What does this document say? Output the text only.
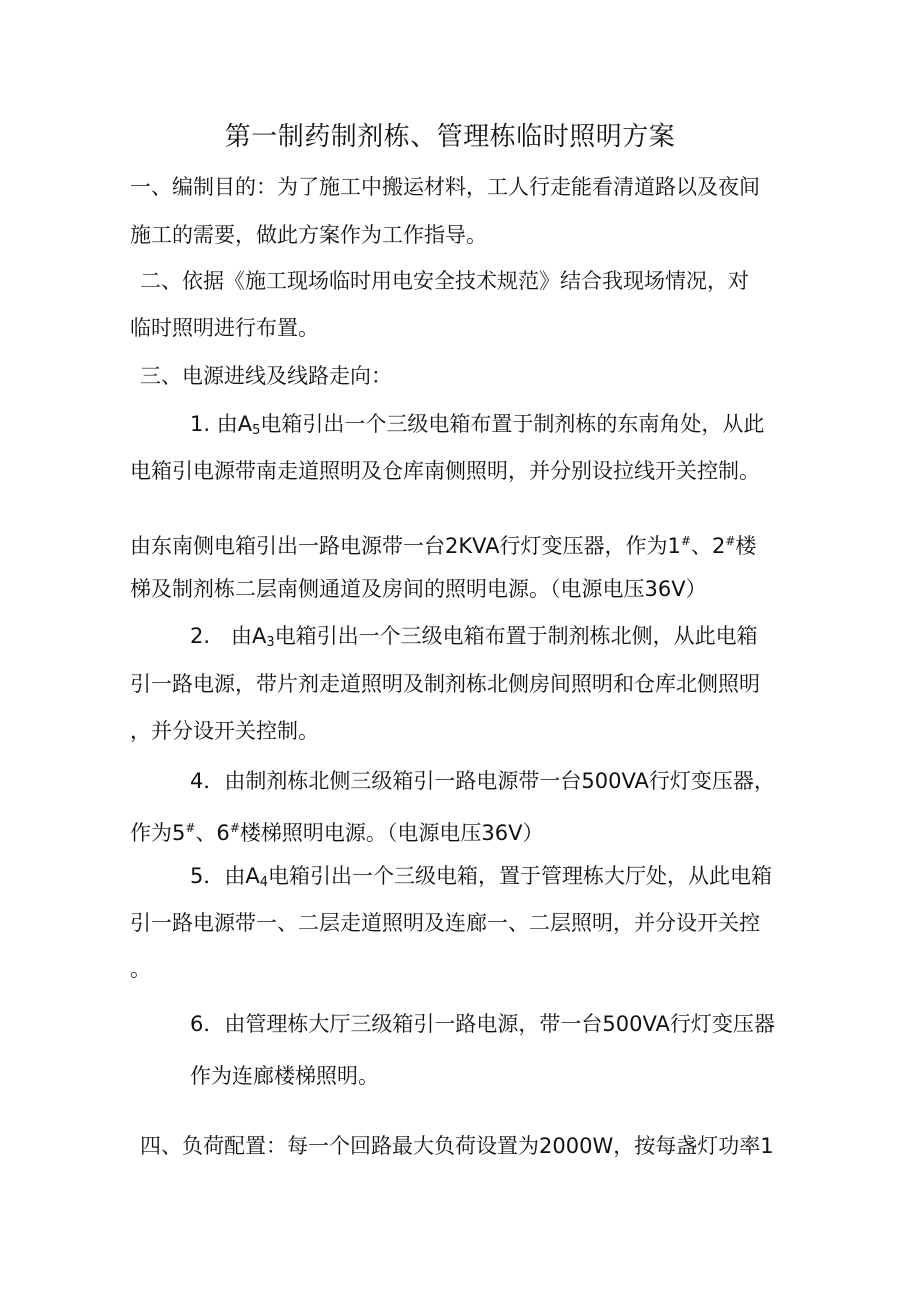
第一制药制剂栋、管理栋临时照明方案
一、编制目的：为了施工中搬运材料，工人行走能看清道路以及夜间
施工的需要，做此方案作为工作指导。
二、依据《施工现场临时用电安全技术规范》结合我现场情况，对
临时照明进行布置。
三、电源进线及线路走向：
1. 由$A_5$电箱引出一个三级电箱布置于制剂栋的东南角处，从此
电箱引电源带南走道照明及仓库南侧照明，并分别设拉线开关控制。
由东南侧电箱引出一路电源带一台2KVA行灯变压器，作为1#、2#楼
梯及制剂栋二层南侧通道及房间的照明电源。（电源电压36V）
2.　由$A_3$电箱引出一个三级电箱布置于制剂栋北侧，从此电箱
引一路电源，带片剂走道照明及制剂栋北侧房间照明和仓库北侧照明
，并分设开关控制。
4．由制剂栋北侧三级箱引一路电源带一台500VA行灯变压器，
作为5#、6#楼梯照明电源。（电源电压36V）
5．由$A_4$电箱引出一个三级电箱，置于管理栋大厅处，从此电箱
引一路电源带一、二层走道照明及连廊一、二层照明，并分设开关控
。
6．由管理栋大厅三级箱引一路电源，带一台500VA行灯变压器
作为连廊楼梯照明。
四、负荷配置：每一个回路最大负荷设置为2000W，按每盏灯功率1
